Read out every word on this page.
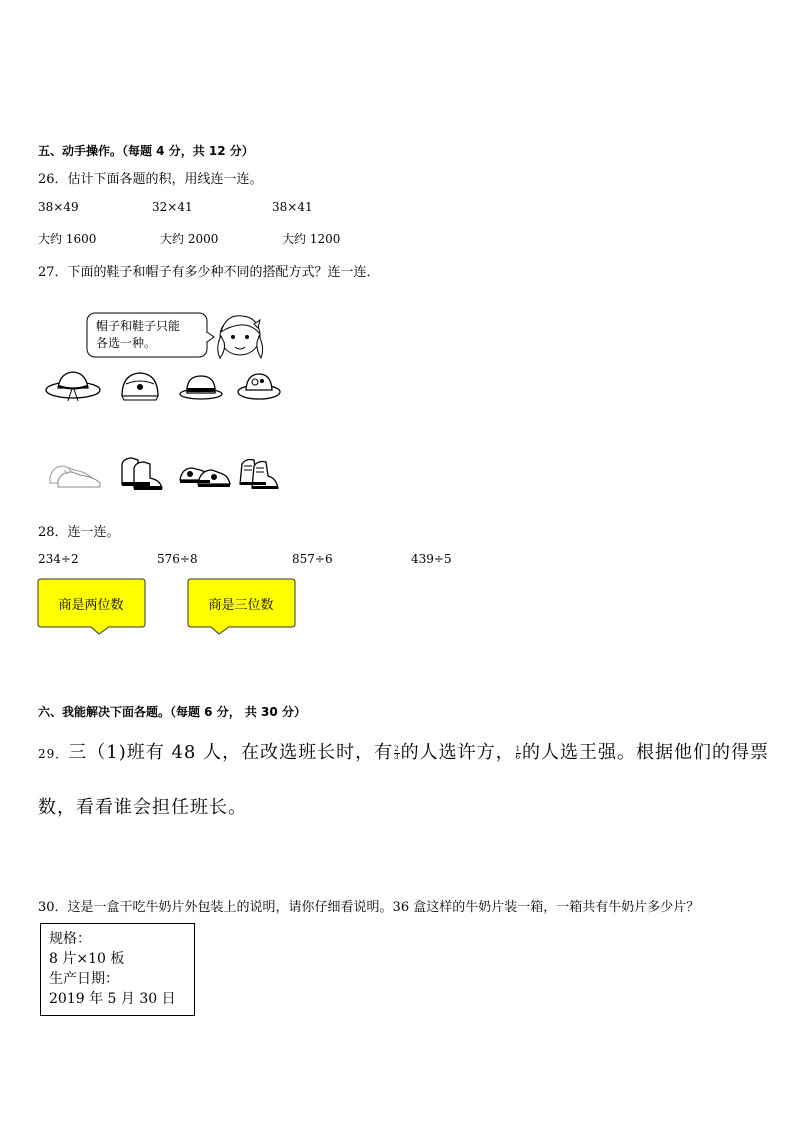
五、动手操作。（每题 4 分，共 12 分）
26．估计下面各题的积，用线连一连。
38×49	32×41	38×41
大约 1600	大约 2000	大约 1200
27．下面的鞋子和帽子有多少种不同的搭配方式？连一连．
帽子和鞋子只能
各选一种。
28．连一连。
234÷2	576÷8	857÷6	439÷5
商是两位数	商是三位数
六、我能解决下面各题。（每题 6 分， 共 30 分）
29．三（1)班有 48 人，在改选班长时，有 $\frac{2}{3}$ 的人选许方， $\frac{1}{6}$ 的人选王强。根据他们的得票
数，看看谁会担任班长。
30．这是一盒干吃牛奶片外包装上的说明，请你仔细看说明。36 盒这样的牛奶片装一箱，一箱共有牛奶片多少片？
规格：
8 片×10 板
生产日期：
2019 年 5 月 30 日
